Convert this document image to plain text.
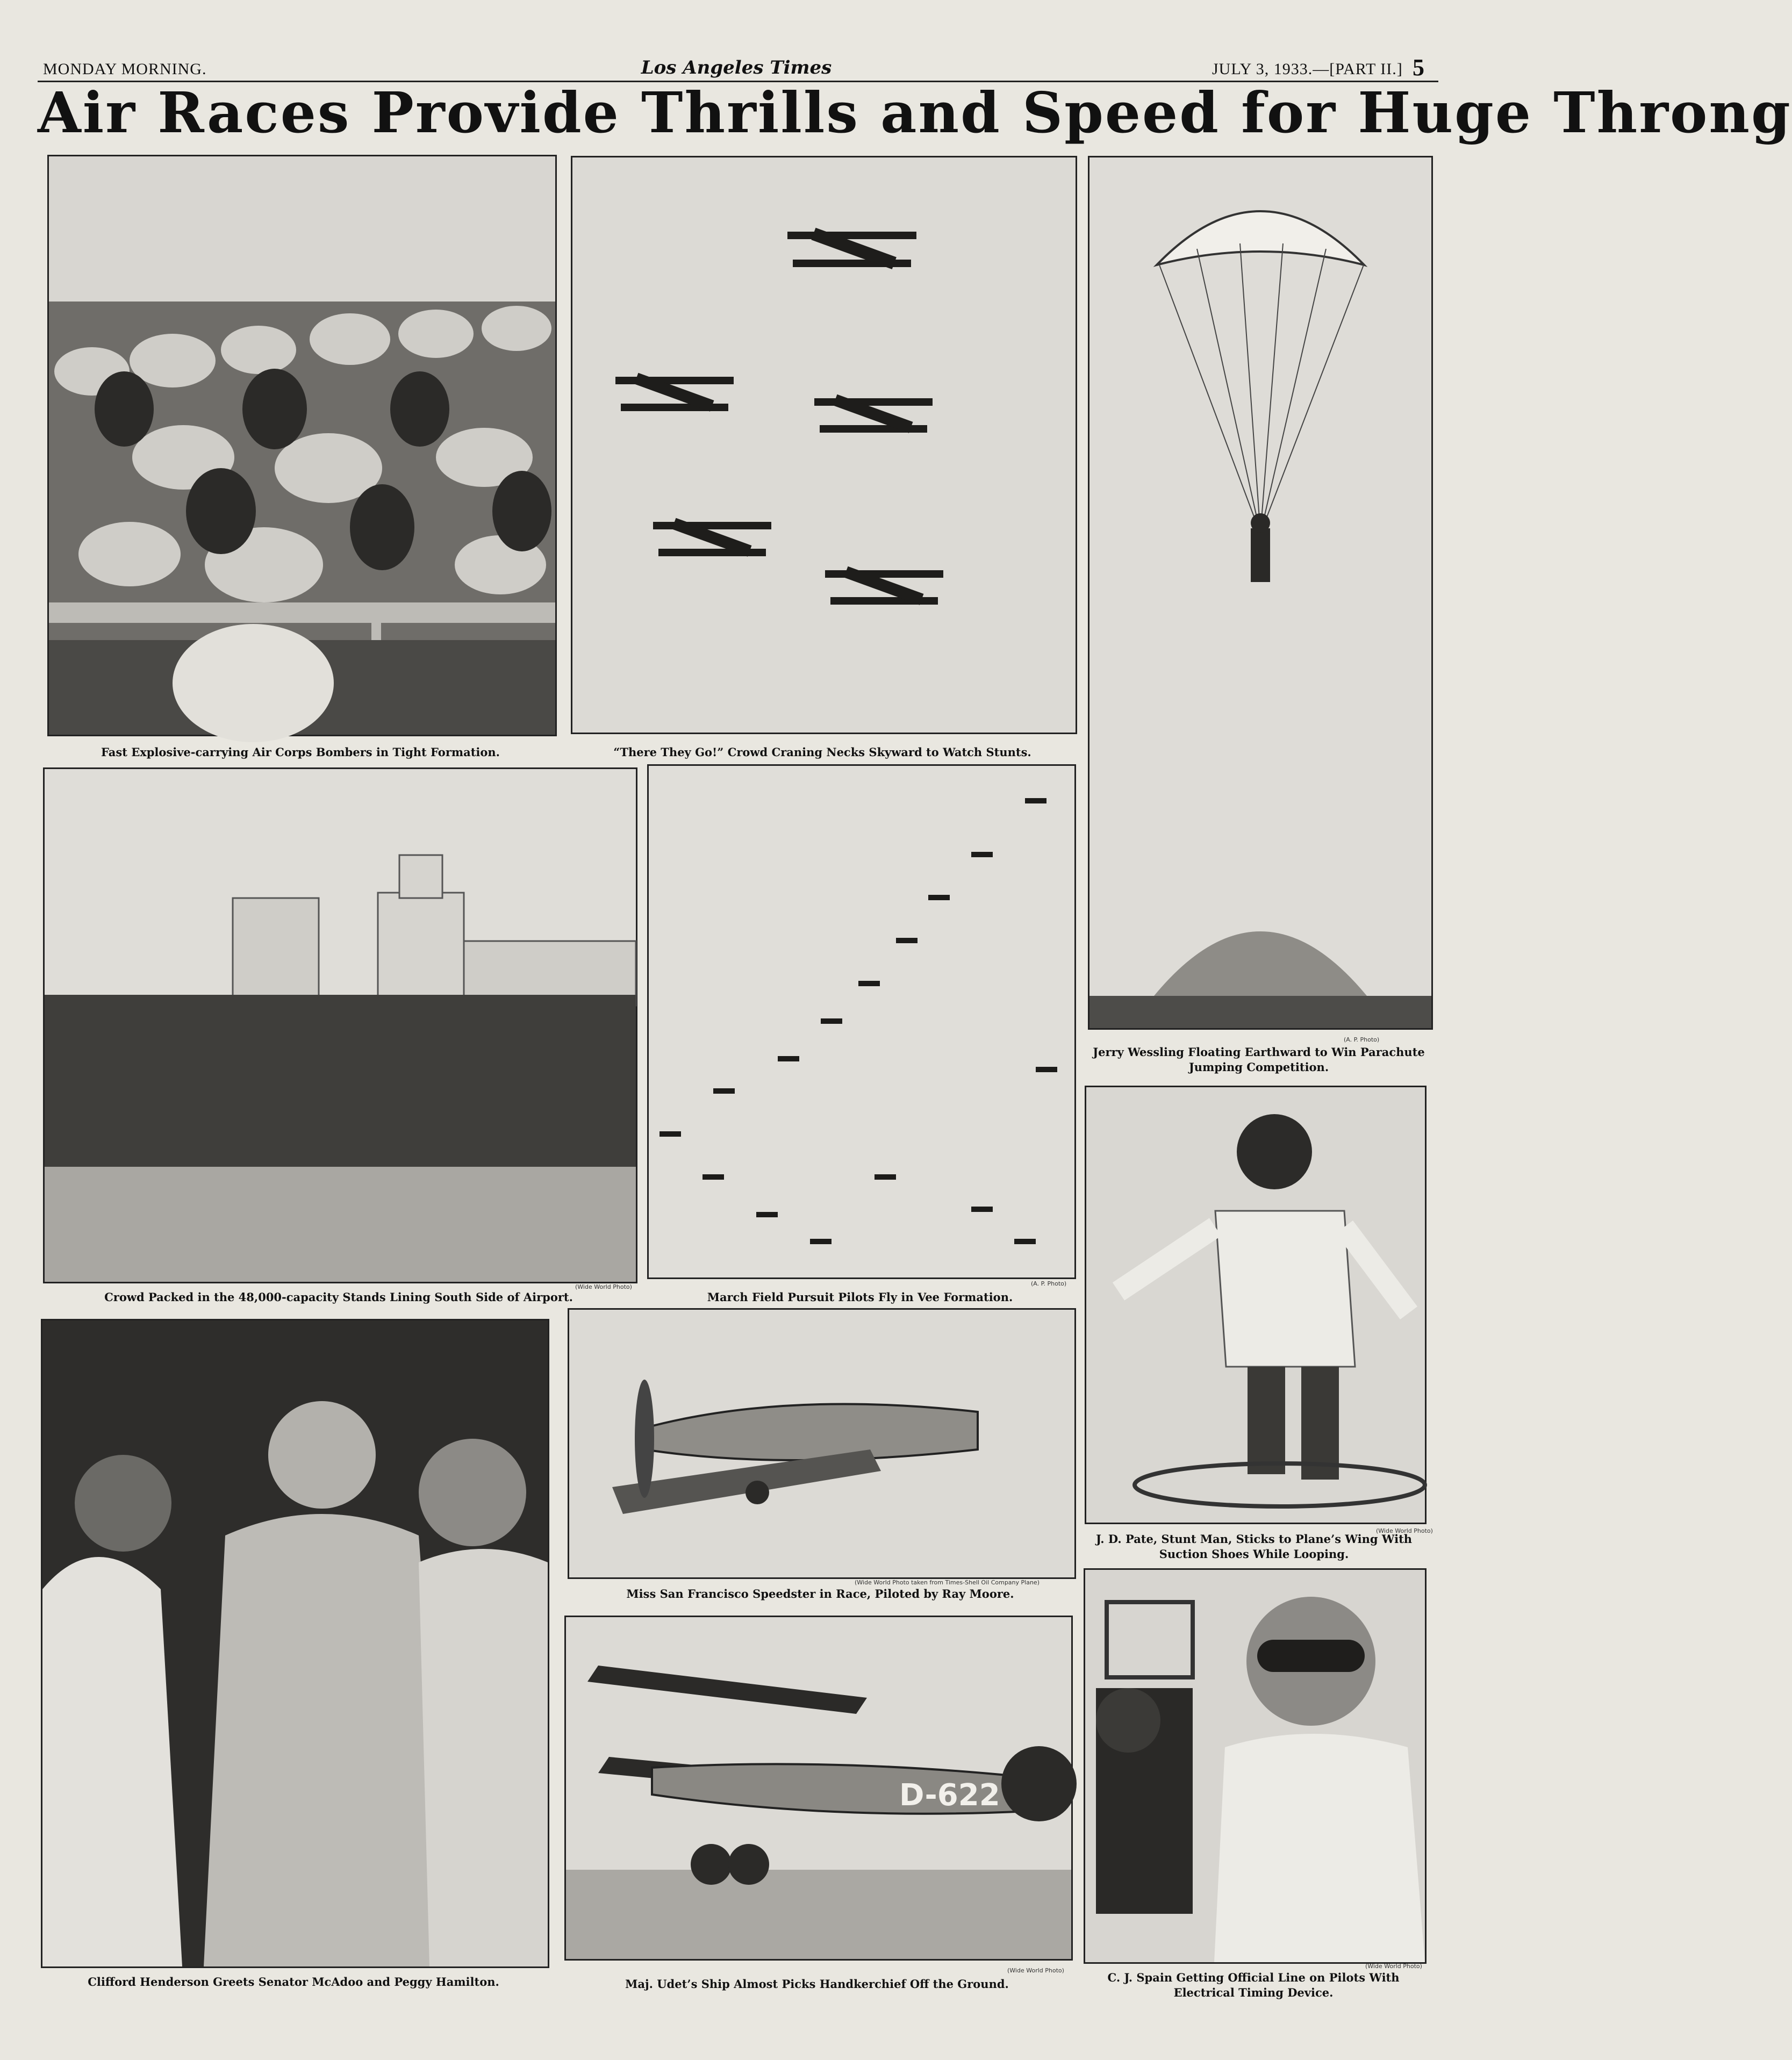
MONDAY MORNING.	Los Angeles Times	JULY 3, 1933.—[PART II.] 5
Air Races Provide Thrills and Speed for Huge Throng
Fast Explosive-carrying Air Corps Bombers in Tight Formation.	“There They Go!” Crowd Craning Necks Skyward to Watch Stunts.
(A. P. Photo)
Jerry Wessling Floating Earthward to Win Parachute Jumping Competition.
(Wide World Photo)
Crowd Packed in the 48,000-capacity Stands Lining South Side of Airport.
(A. P. Photo)
March Field Pursuit Pilots Fly in Vee Formation.
(Wide World Photo)
J. D. Pate, Stunt Man, Sticks to Plane’s Wing With Suction Shoes While Looping.
Clifford Henderson Greets Senator McAdoo and Peggy Hamilton.
(Wide World Photo taken from Times-Shell Oil Company Plane)
Miss San Francisco Speedster in Race, Piloted by Ray Moore.
D-622
(Wide World Photo)
Maj. Udet’s Ship Almost Picks Handkerchief Off the Ground.
(Wide World Photo)
C. J. Spain Getting Official Line on Pilots With Electrical Timing Device.
